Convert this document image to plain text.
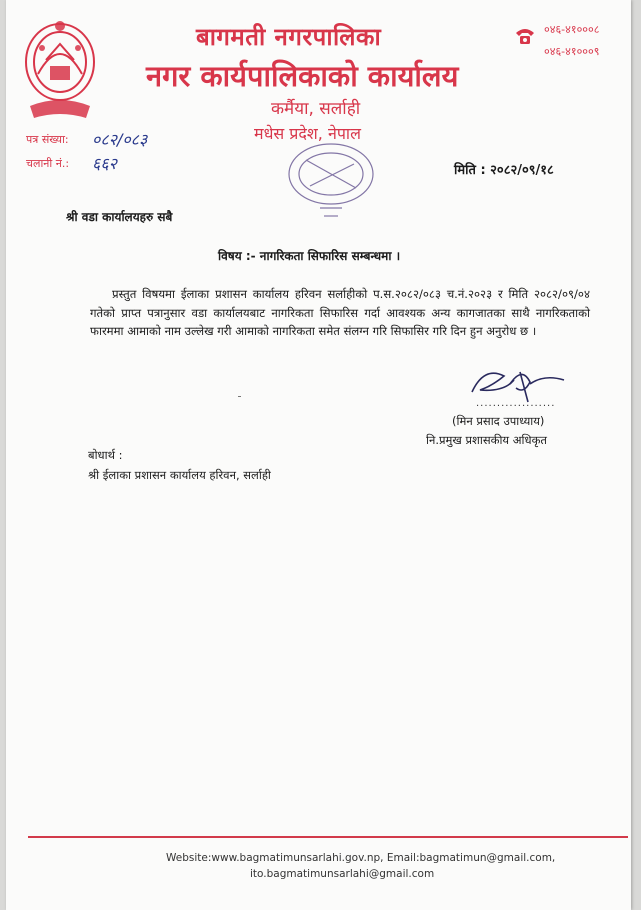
बागमती नगरपालिका
नगर कार्यपालिकाको कार्यालय
कर्मैया, सर्लाही
मधेस प्रदेश, नेपाल
०४६-४१०००८
०४६-४१०००९
पत्र संख्या: ०८२/०८३
चलानी नं.: ६६२	मिति : २०८२/०९/१८
श्री वडा कार्यालयहरु सबै
विषय :- नागरिकता सिफारिस सम्बन्धमा ।
प्रस्तुत विषयमा ईलाका प्रशासन कार्यालय हरिवन सर्लाहीको प.स.२०८२/०८३ च.नं.२०२३ र मिति २०८२/०९/०४ गतेको प्राप्त पत्रानुसार वडा कार्यालयबाट नागरिकता सिफारिस गर्दा आवश्यक अन्य कागजातका साथै नागरिकताको फारममा आमाको नाम उल्लेख गरी आमाको नागरिकता समेत संलग्न गरि सिफासिर गरि दिन हुन अनुरोध छ ।
...................
(मिन प्रसाद उपाध्याय)
नि.प्रमुख प्रशासकीय अधिकृत
बोधार्थ :
श्री ईलाका प्रशासन कार्यालय हरिवन, सर्लाही
Website:www.bagmatimunsarlahi.gov.np, Email:bagmatimun@gmail.com,
ito.bagmatimunsarlahi@gmail.com
